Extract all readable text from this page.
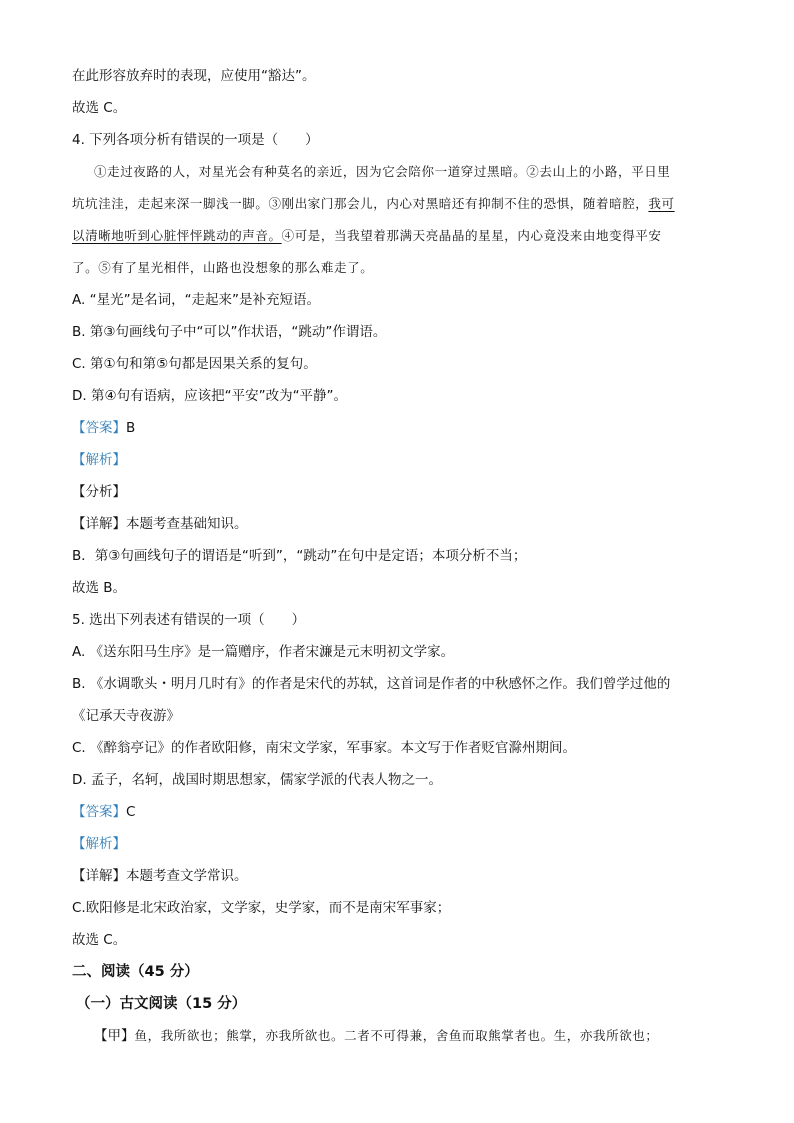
在此形容放弃时的表现，应使用“豁达”。
故选 C。
4. 下列各项分析有错误的一项是（　　）
①走过夜路的人，对星光会有种莫名的亲近，因为它会陪你一道穿过黑暗。②去山上的小路，平日里
坑坑洼洼，走起来深一脚浅一脚。③刚出家门那会儿，内心对黑暗还有抑制不住的恐惧，随着暗腔，我可
以清晰地听到心脏怦怦跳动的声音。④可是，当我望着那满天亮晶晶的星星，内心竟没来由地变得平安
了。⑤有了星光相伴，山路也没想象的那么难走了。
A. “星光”是名词，“走起来”是补充短语。
B. 第③句画线句子中“可以”作状语，“跳动”作谓语。
C. 第①句和第⑤句都是因果关系的复句。
D. 第④句有语病，应该把“平安”改为“平静”。
【答案】B
【解析】
【分析】
【详解】本题考查基础知识。
B．第③句画线句子的谓语是“听到”，“跳动”在句中是定语；本项分析不当；
故选 B。
5. 选出下列表述有错误的一项（　　）
A. 《送东阳马生序》是一篇赠序，作者宋濂是元末明初文学家。
B. 《水调歌头・明月几时有》的作者是宋代的苏轼，这首词是作者的中秋感怀之作。我们曾学过他的
《记承天寺夜游》
C. 《醉翁亭记》的作者欧阳修，南宋文学家，军事家。本文写于作者贬官滁州期间。
D. 孟子，名轲，战国时期思想家，儒家学派的代表人物之一。
【答案】C
【解析】
【详解】本题考查文学常识。
C.欧阳修是北宋政治家，文学家，史学家，而不是南宋军事家；
故选 C。
二、阅读（45 分）
（一）古文阅读（15 分）
【甲】鱼，我所欲也；熊掌，亦我所欲也。二者不可得兼，舍鱼而取熊掌者也。生，亦我所欲也；
